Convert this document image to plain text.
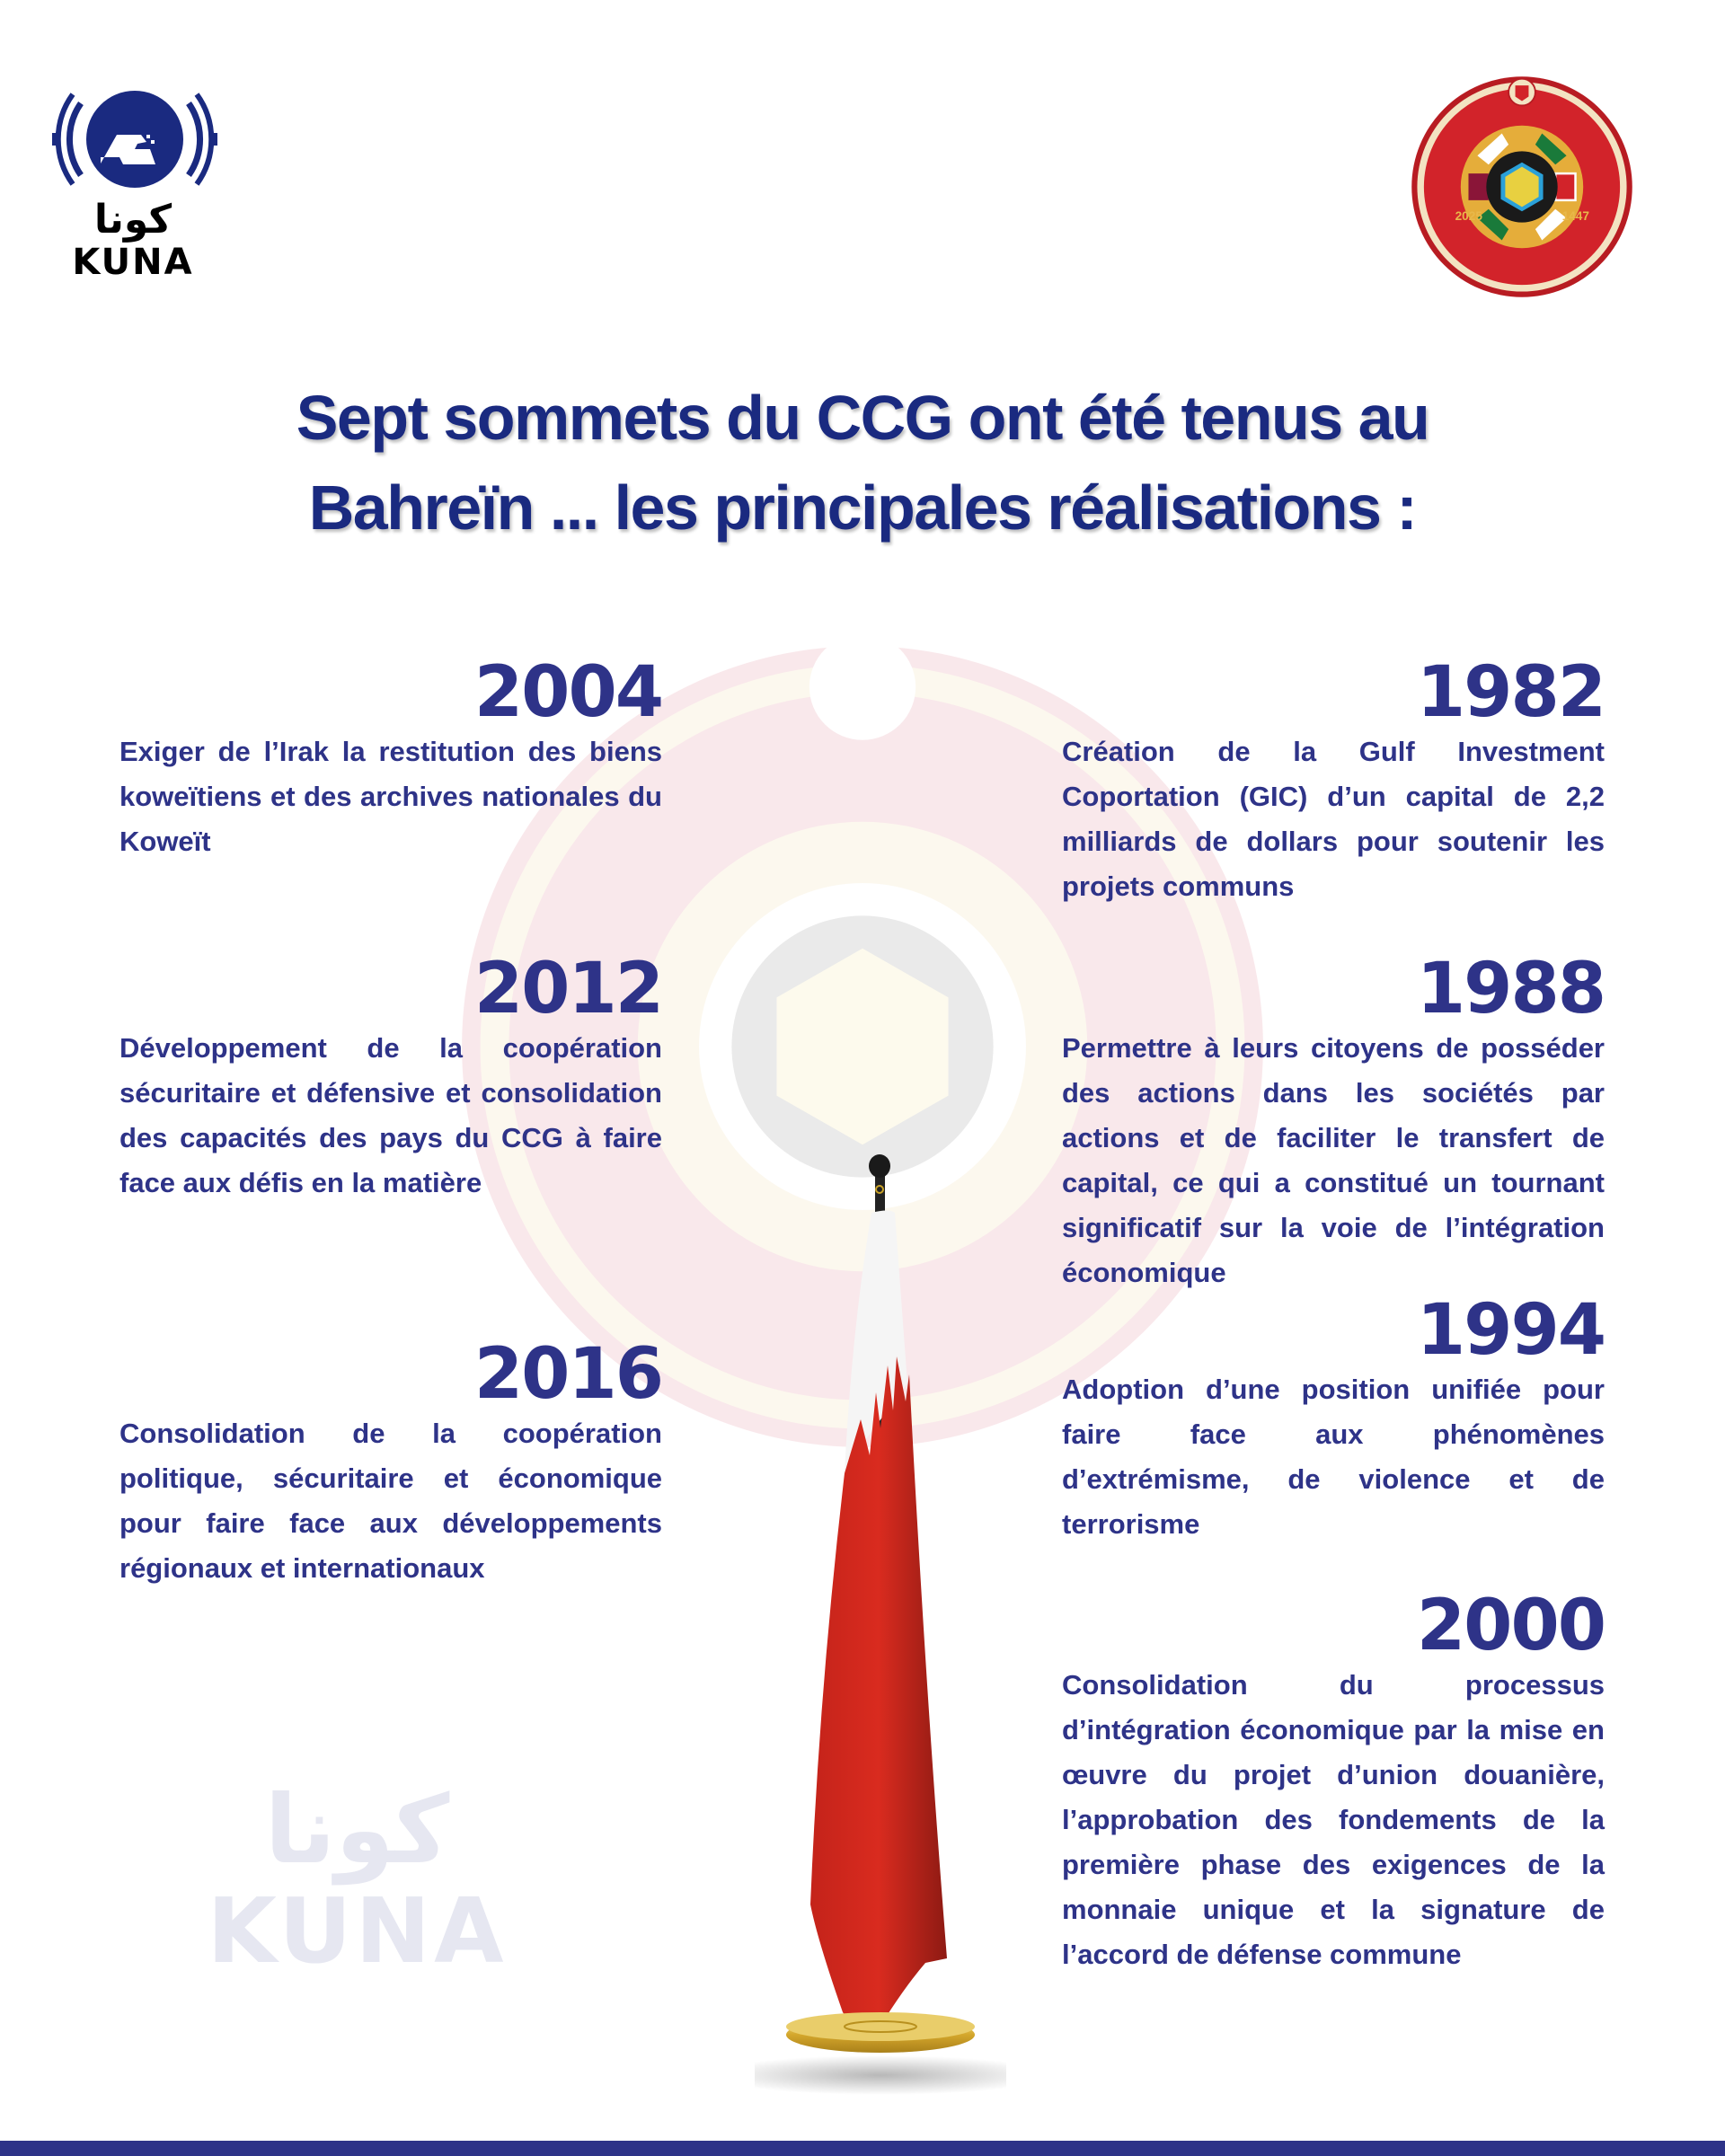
كونا
KUNA
2025	1447
Sept sommets du CCG ont été tenus au
Bahreïn ... les principales réalisations :
كونا
KUNA
2004
Exiger de l’Irak la restitution des biens koweïtiens et des archives nationales du Koweït
2012
Développement de la coopération sécuritaire et défensive et consolidation des capacités des pays du CCG à faire face aux défis en la matière
2016
Consolidation de la coopération politique, sécuritaire et économique pour faire face aux développements régionaux et internationaux
1982
Création de la Gulf Investment Coportation (GIC) d’un capital de 2,2 milliards de dollars pour soutenir les projets communs
1988
Permettre à leurs citoyens de posséder des actions dans les sociétés par actions et de faciliter le transfert de capital, ce qui a constitué un tournant significatif sur la voie de l’intégration économique
1994
Adoption d’une position unifiée pour faire face aux phénomènes d’extrémisme, de violence et de terrorisme
2000
Consolidation du processus d’intégration économique par la mise en œuvre du projet d’union douanière, l’approbation des fondements de la première phase des exigences de la monnaie unique et la signature de l’accord de défense commune
